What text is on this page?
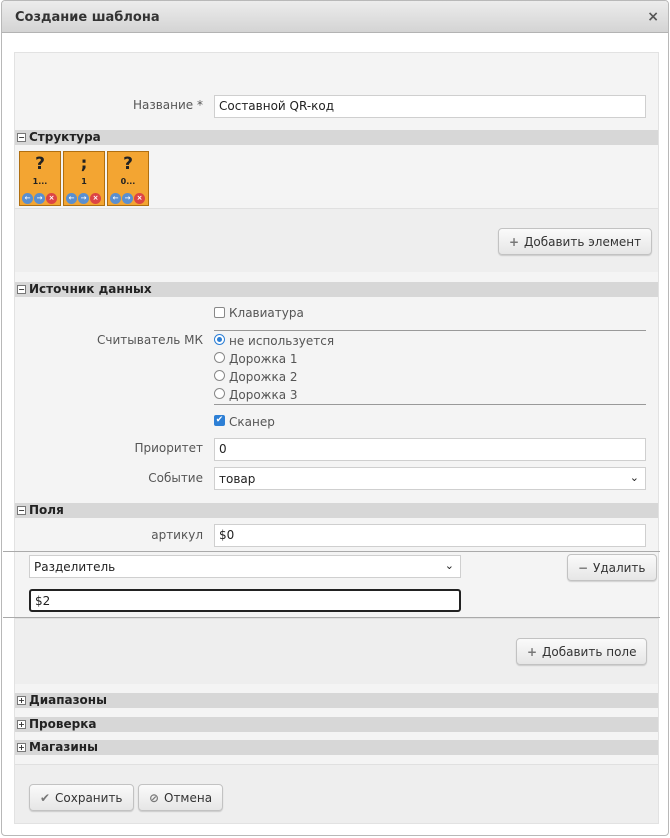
Создание шаблона	×
Название *	Составной QR-код
− Структура
?
1...
← → ×
;
1
← → ×
?
0...
← → ×
+ Добавить элемент
− Источник данных
Клавиатура
Считыватель МК не используется
Дорожка 1
Дорожка 2
Дорожка 3
✔ Сканер
Приоритет	0
Событие	товар	⌄
− Поля
артикул	$0
Разделитель	⌄	− Удалить
$2
+ Добавить поле
+ Диапазоны
+ Проверка
+ Магазины
✔ Сохранить	⊘ Отмена
